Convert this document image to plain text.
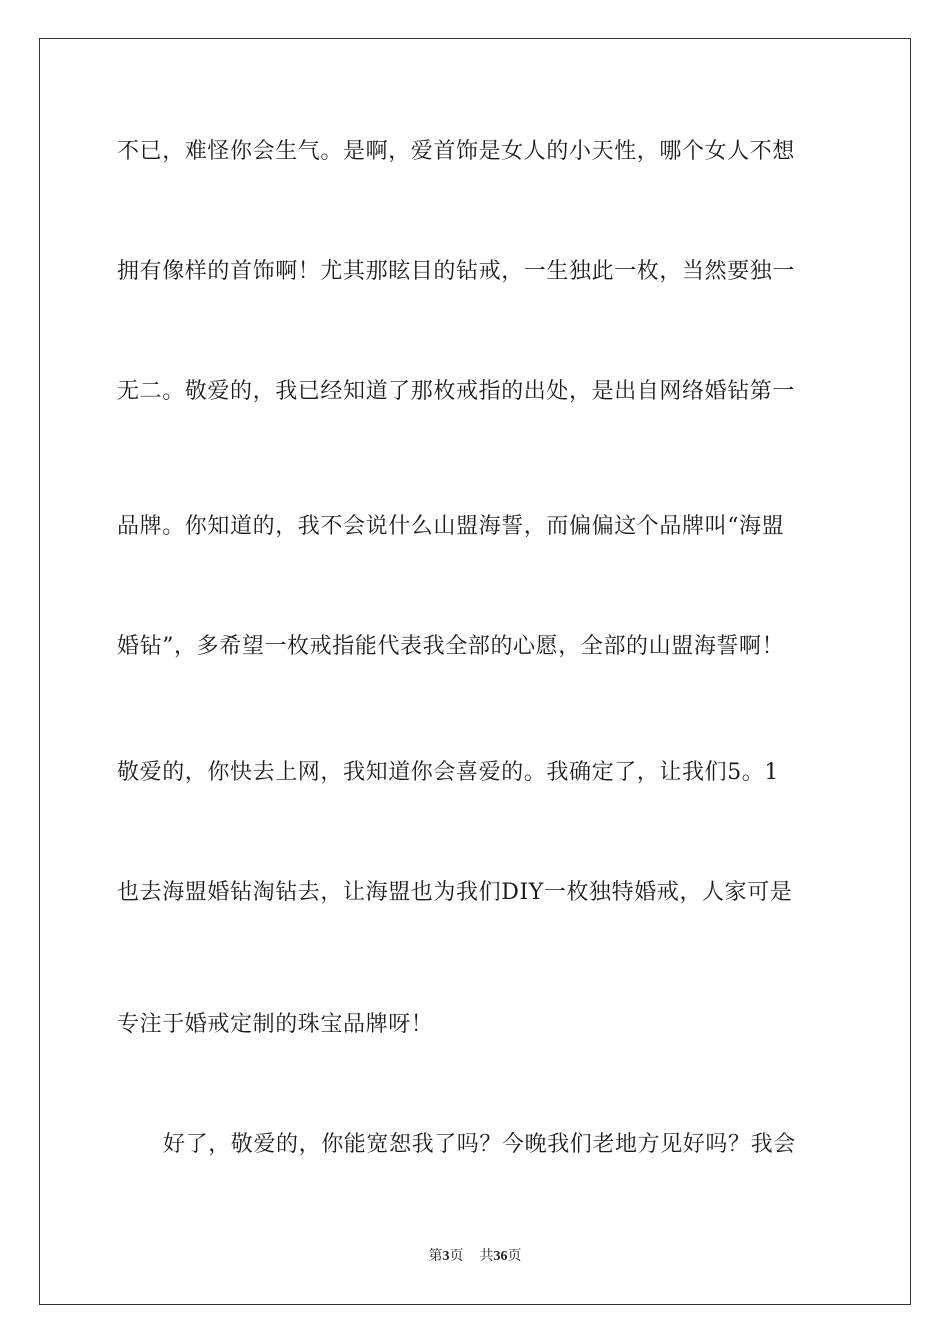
不已，难怪你会生气。是啊，爱首饰是女人的小天性，哪个女人不想
拥有像样的首饰啊！尤其那眩目的钻戒，一生独此一枚，当然要独一
无二。敬爱的，我已经知道了那枚戒指的出处，是出自网络婚钻第一
品牌。你知道的，我不会说什么山盟海誓，而偏偏这个品牌叫“海盟
婚钻”，多希望一枚戒指能代表我全部的心愿，全部的山盟海誓啊！
敬爱的，你快去上网，我知道你会喜爱的。我确定了，让我们5。1
也去海盟婚钻淘钻去，让海盟也为我们DIY一枚独特婚戒，人家可是
专注于婚戒定制的珠宝品牌呀！
好了，敬爱的，你能宽恕我了吗？今晚我们老地方见好吗？我会
第3页 共36页
